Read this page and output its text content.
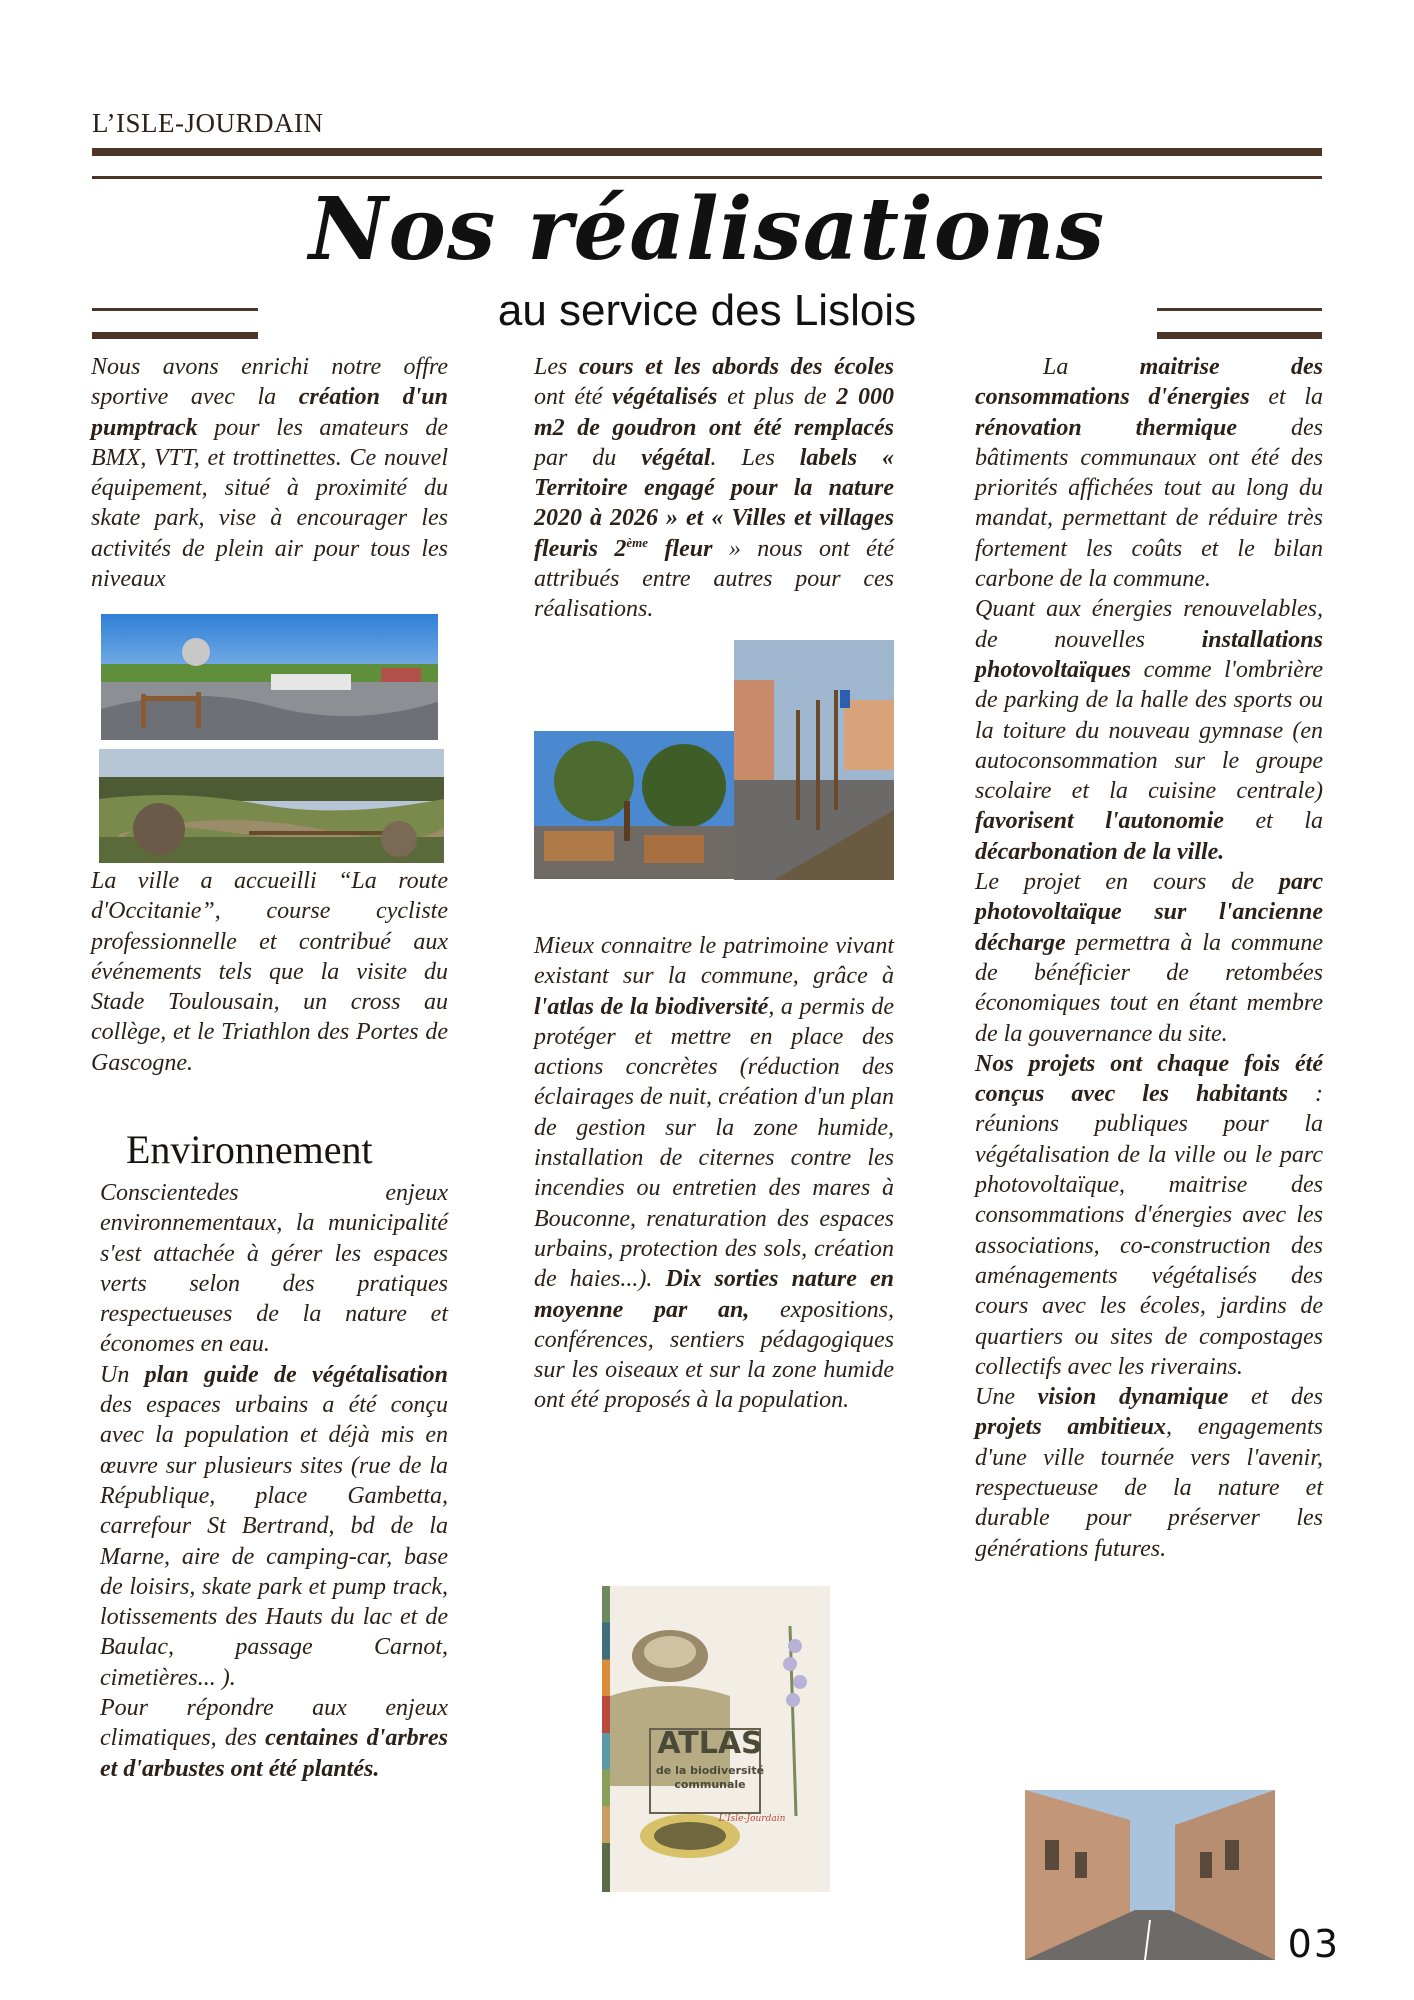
L’ISLE-JOURDAIN
Nos réalisations
au service des Lislois

Nous avons enrichi notre offre sportive avec la création d'un pumptrack pour les amateurs de BMX, VTT, et trottinettes. Ce nouvel équipement, situé à proximité du skate park, vise à encourager les activités de plein air pour tous les niveaux

La ville a accueilli “La route d'Occitanie”, course cycliste professionnelle et contribué aux événements tels que la visite du Stade Toulousain, un cross au collège, et le Triathlon des Portes de Gascogne.

Environnement

Conscientedes enjeux environnementaux, la municipalité s'est attachée à gérer les espaces verts selon des pratiques respectueuses de la nature et économes en eau.

Un plan guide de végétalisation des espaces urbains a été conçu avec la population et déjà mis en œuvre sur plusieurs sites (rue de la République, place Gambetta, carrefour St Bertrand, bd de la Marne, aire de camping-car, base de loisirs, skate park et pump track, lotissements des Hauts du lac et de Baulac, passage Carnot, cimetières... ).

Pour répondre aux enjeux climatiques, des centaines d'arbres et d'arbustes ont été plantés.

Les cours et les abords des écoles ont été végétalisés et plus de 2 000 m2 de goudron ont été remplacés par du végétal. Les labels « Territoire engagé pour la nature 2020 à 2026 » et « Villes et villages fleuris 2ème fleur » nous ont été attribués entre autres pour ces réalisations.

Mieux connaitre le patrimoine vivant existant sur la commune, grâce à l'atlas de la biodiversité, a permis de protéger et mettre en place des actions concrètes (réduction des éclairages de nuit, création d'un plan de gestion sur la zone humide, installation de citernes contre les incendies ou entretien des mares à Bouconne, renaturation des espaces urbains, protection des sols, création de haies...). Dix sorties nature en moyenne par an, expositions, conférences, sentiers pédagogiques sur les oiseaux et sur la zone humide ont été proposés à la population.

ATLAS
de la biodiversité
communale
L'Isle-Jourdain

La maitrise des consommations d'énergies et la rénovation thermique des bâtiments communaux ont été des priorités affichées tout au long du mandat, permettant de réduire très fortement les coûts et le bilan carbone de la commune.

Quant aux énergies renouvelables, de nouvelles installations photovoltaïques comme l'ombrière de parking de la halle des sports ou la toiture du nouveau gymnase (en autoconsommation sur le groupe scolaire et la cuisine centrale) favorisent l'autonomie et la décarbonation de la ville.

Le projet en cours de parc photovoltaïque sur l'ancienne décharge permettra à la commune de bénéficier de retombées économiques tout en étant membre de la gouvernance du site.

Nos projets ont chaque fois été conçus avec les habitants : réunions publiques pour la végétalisation de la ville ou le parc photovoltaïque, maitrise des consommations d'énergies avec les associations, co-construction des aménagements végétalisés des cours avec les écoles, jardins de quartiers ou sites de compostages collectifs avec les riverains.

Une vision dynamique et des projets ambitieux, engagements d'une ville tournée vers l'avenir, respectueuse de la nature et durable pour préserver les générations futures.

03
